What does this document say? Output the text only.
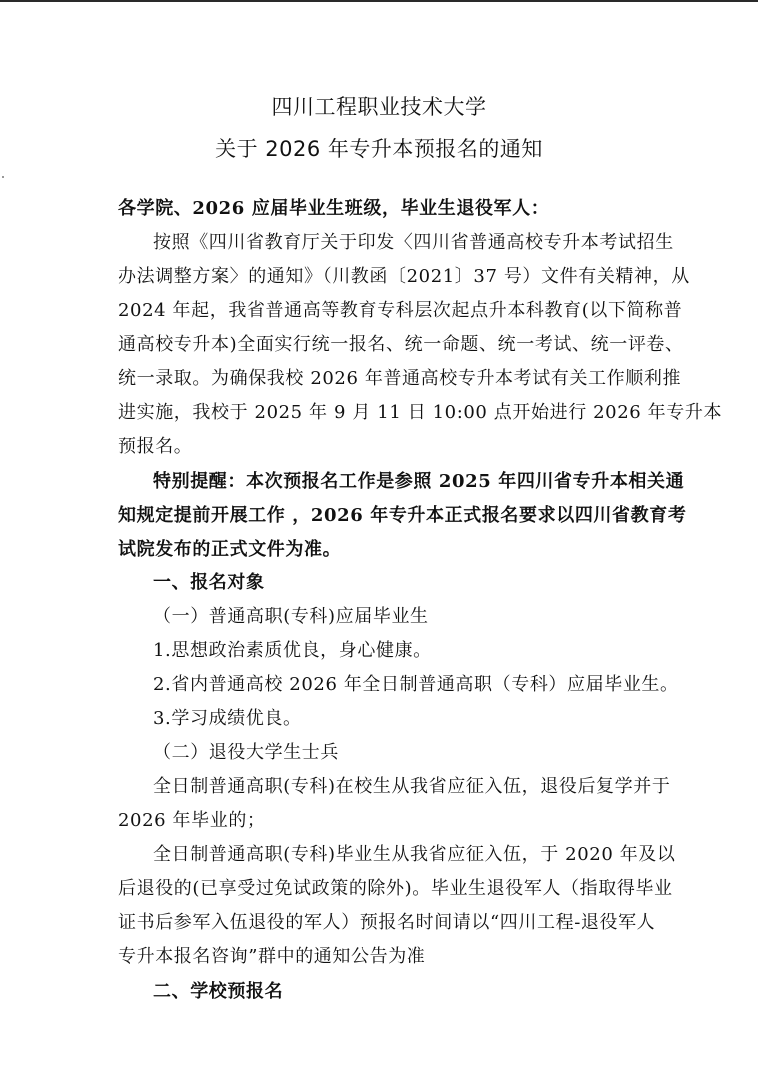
四川工程职业技术大学
关于 2026 年专升本预报名的通知
各学院、2026 应届毕业生班级，毕业生退役军人：
按照《四川省教育厅关于印发〈四川省普通高校专升本考试招生
办法调整方案〉的通知》（川教函〔2021〕37 号）文件有关精神，从
2024 年起，我省普通高等教育专科层次起点升本科教育(以下简称普
通高校专升本)全面实行统一报名、统一命题、统一考试、统一评卷、
统一录取。为确保我校 2026 年普通高校专升本考试有关工作顺利推
进实施，我校于 2025 年 9 月 11 日 10:00 点开始进行 2026 年专升本
预报名。
特别提醒：本次预报名工作是参照 2025 年四川省专升本相关通
知规定提前开展工作 ，2026 年专升本正式报名要求以四川省教育考
试院发布的正式文件为准。
一、报名对象
（一）普通高职(专科)应届毕业生
1.思想政治素质优良，身心健康。
2.省内普通高校 2026 年全日制普通高职（专科）应届毕业生。
3.学习成绩优良。
（二）退役大学生士兵
全日制普通高职(专科)在校生从我省应征入伍，退役后复学并于
2026 年毕业的；
全日制普通高职(专科)毕业生从我省应征入伍，于 2020 年及以
后退役的(已享受过免试政策的除外)。毕业生退役军人（指取得毕业
证书后参军入伍退役的军人）预报名时间请以“四川工程-退役军人
专升本报名咨询”群中的通知公告为准
二、学校预报名
